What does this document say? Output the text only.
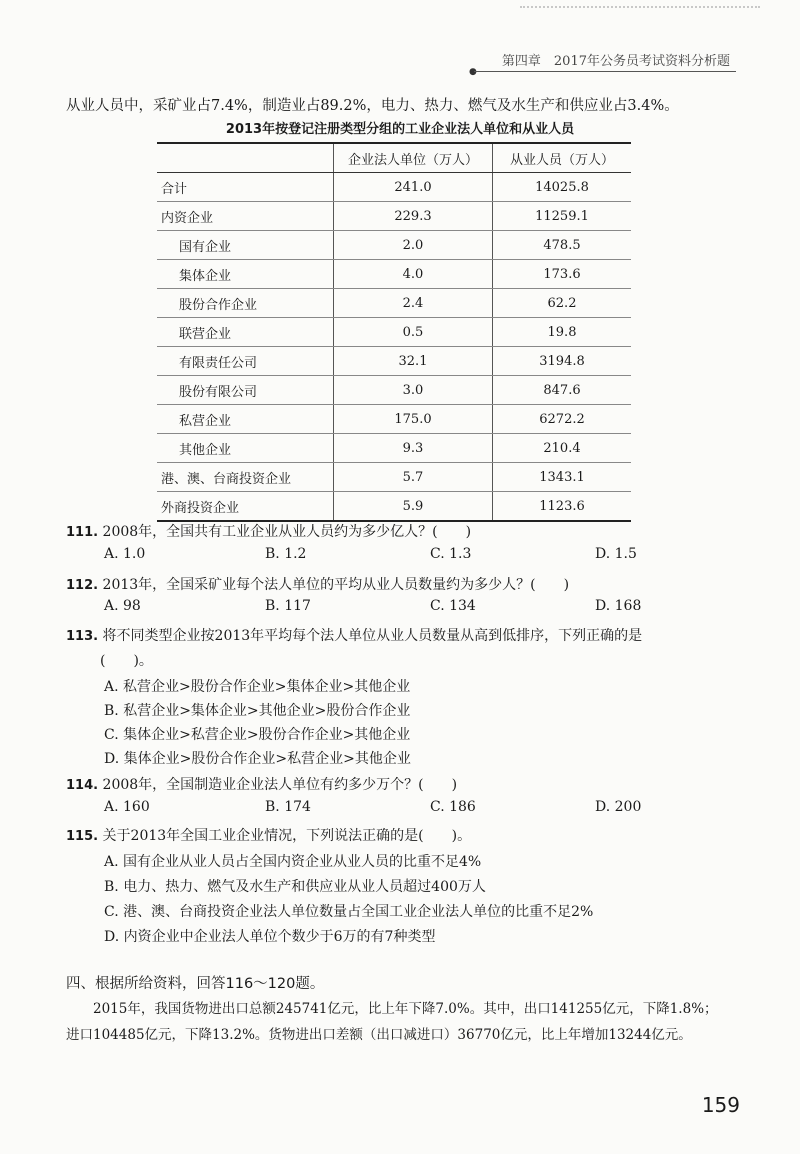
第四章　2017年公务员考试资料分析题
●
从业人员中，采矿业占7.4%，制造业占89.2%，电力、热力、燃气及水生产和供应业占3.4%。
2013年按登记注册类型分组的工业企业法人单位和从业人员
	企业法人单位（万人）	从业人员（万人）
合计	241.0	14025.8
内资企业	229.3	11259.1
国有企业	2.0	478.5
集体企业	4.0	173.6
股份合作企业	2.4	62.2
联营企业	0.5	19.8
有限责任公司	32.1	3194.8
股份有限公司	3.0	847.6
私营企业	175.0	6272.2
其他企业	9.3	210.4
港、澳、台商投资企业	5.7	1343.1
外商投资企业	5.9	1123.6
111. 2008年，全国共有工业企业从业人员约为多少亿人？(　　)
A. 1.0	B. 1.2	C. 1.3	D. 1.5
112. 2013年，全国采矿业每个法人单位的平均从业人员数量约为多少人？(　　)
A. 98	B. 117	C. 134	D. 168
113. 将不同类型企业按2013年平均每个法人单位从业人员数量从高到低排序，下列正确的是
(　　)。
A. 私营企业>股份合作企业>集体企业>其他企业
B. 私营企业>集体企业>其他企业>股份合作企业
C. 集体企业>私营企业>股份合作企业>其他企业
D. 集体企业>股份合作企业>私营企业>其他企业
114. 2008年，全国制造业企业法人单位有约多少万个？(　　)
A. 160	B. 174	C. 186	D. 200
115. 关于2013年全国工业企业情况，下列说法正确的是(　　)。
A. 国有企业从业人员占全国内资企业从业人员的比重不足4%
B. 电力、热力、燃气及水生产和供应业从业人员超过400万人
C. 港、澳、台商投资企业法人单位数量占全国工业企业法人单位的比重不足2%
D. 内资企业中企业法人单位个数少于6万的有7种类型
四、根据所给资料，回答116～120题。
2015年，我国货物进出口总额245741亿元，比上年下降7.0%。其中，出口141255亿元，下降1.8%；进口104485亿元，下降13.2%。货物进出口差额（出口减进口）36770亿元，比上年增加13244亿元。
159
